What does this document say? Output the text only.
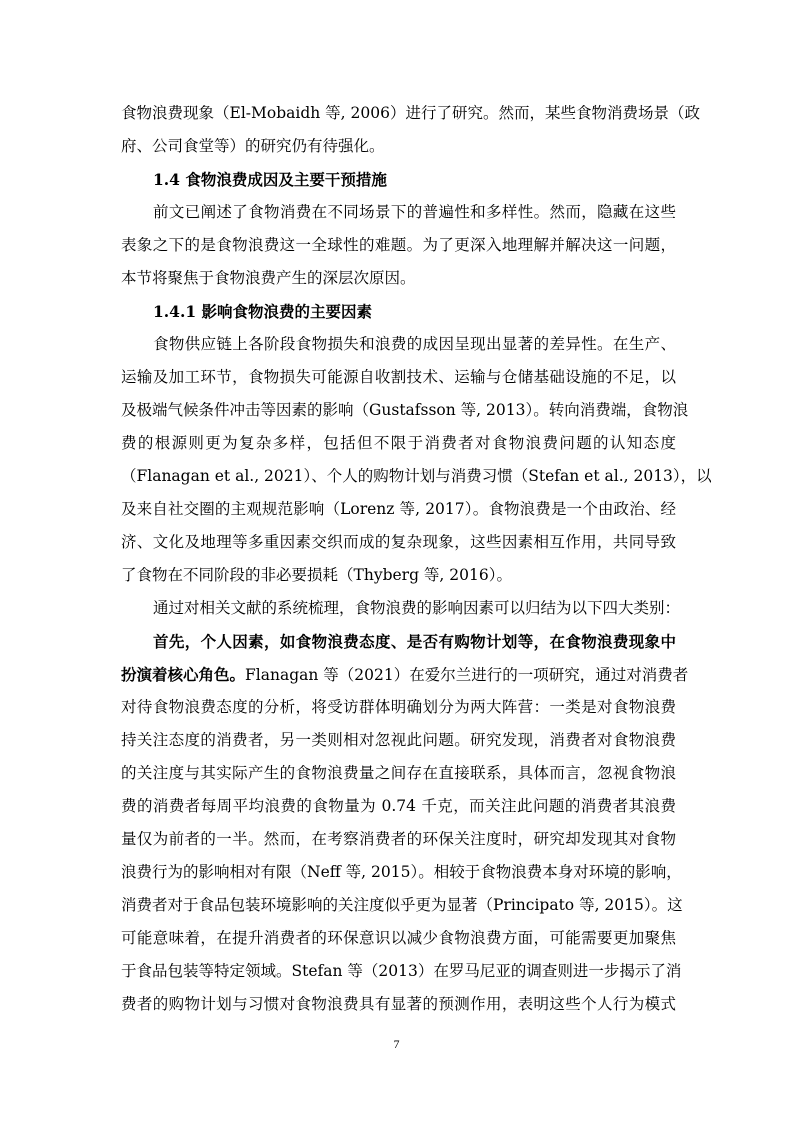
食物浪费现象（El-Mobaidh 等, 2006）进行了研究。然而，某些食物消费场景（政
府、公司食堂等）的研究仍有待强化。
1.4 食物浪费成因及主要干预措施
前文已阐述了食物消费在不同场景下的普遍性和多样性。然而，隐藏在这些
表象之下的是食物浪费这一全球性的难题。为了更深入地理解并解决这一问题，
本节将聚焦于食物浪费产生的深层次原因。
1.4.1 影响食物浪费的主要因素
食物供应链上各阶段食物损失和浪费的成因呈现出显著的差异性。在生产、
运输及加工环节，食物损失可能源自收割技术、运输与仓储基础设施的不足，以
及极端气候条件冲击等因素的影响（Gustafsson 等, 2013）。转向消费端，食物浪
费的根源则更为复杂多样，包括但不限于消费者对食物浪费问题的认知态度
（Flanagan et al., 2021）、个人的购物计划与消费习惯（Stefan et al., 2013），以
及来自社交圈的主观规范影响（Lorenz 等, 2017）。食物浪费是一个由政治、经
济、文化及地理等多重因素交织而成的复杂现象，这些因素相互作用，共同导致
了食物在不同阶段的非必要损耗（Thyberg 等, 2016）。
通过对相关文献的系统梳理，食物浪费的影响因素可以归结为以下四大类别：
首先，个人因素，如食物浪费态度、是否有购物计划等，在食物浪费现象中
扮演着核心角色。Flanagan 等（2021）在爱尔兰进行的一项研究，通过对消费者
对待食物浪费态度的分析，将受访群体明确划分为两大阵营：一类是对食物浪费
持关注态度的消费者，另一类则相对忽视此问题。研究发现，消费者对食物浪费
的关注度与其实际产生的食物浪费量之间存在直接联系，具体而言，忽视食物浪
费的消费者每周平均浪费的食物量为 0.74 千克，而关注此问题的消费者其浪费
量仅为前者的一半。然而，在考察消费者的环保关注度时，研究却发现其对食物
浪费行为的影响相对有限（Neff 等, 2015）。相较于食物浪费本身对环境的影响，
消费者对于食品包装环境影响的关注度似乎更为显著（Principato 等, 2015）。这
可能意味着，在提升消费者的环保意识以减少食物浪费方面，可能需要更加聚焦
于食品包装等特定领域。Stefan 等（2013）在罗马尼亚的调查则进一步揭示了消
费者的购物计划与习惯对食物浪费具有显著的预测作用，表明这些个人行为模式
7
